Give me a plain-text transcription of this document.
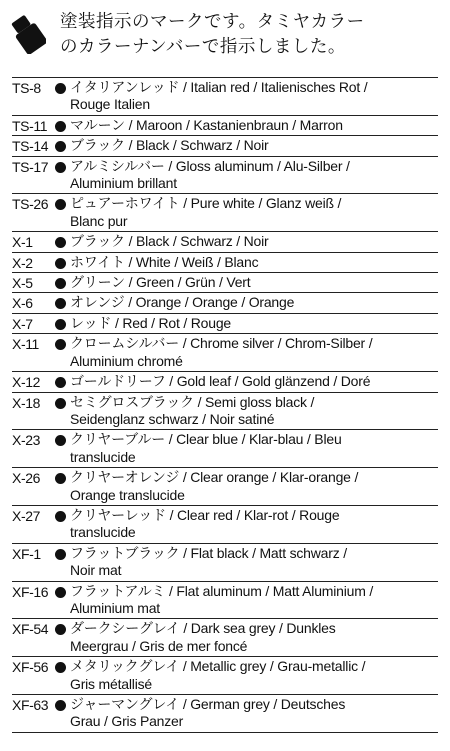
塗装指示のマークです。タミヤカラー
のカラーナンバーで指示しました。
TS-8	イタリアンレッド / Italian red / Italienisches Rot /
Rouge Italien
TS-11	マルーン / Maroon / Kastanienbraun / Marron
TS-14	ブラック / Black / Schwarz / Noir
TS-17	アルミシルバー / Gloss aluminum / Alu-Silber /
Aluminium brillant
TS-26	ピュアーホワイト / Pure white / Glanz weiß /
Blanc pur
X-1	ブラック / Black / Schwarz / Noir
X-2	ホワイト / White / Weiß / Blanc
X-5	グリーン / Green / Grün / Vert
X-6	オレンジ / Orange / Orange / Orange
X-7	レッド / Red / Rot / Rouge
X-11	クロームシルバー / Chrome silver / Chrom-Silber /
Aluminium chromé
X-12	ゴールドリーフ / Gold leaf / Gold glänzend / Doré
X-18	セミグロスブラック / Semi gloss black /
Seidenglanz schwarz / Noir satiné
X-23	クリヤーブルー / Clear blue / Klar-blau / Bleu
translucide
X-26	クリヤーオレンジ / Clear orange / Klar-orange /
Orange translucide
X-27	クリヤーレッド / Clear red / Klar-rot / Rouge
translucide
XF-1	フラットブラック / Flat black / Matt schwarz /
Noir mat
XF-16	フラットアルミ / Flat aluminum / Matt Aluminium /
Aluminium mat
XF-54	ダークシーグレイ / Dark sea grey / Dunkles
Meergrau / Gris de mer foncé
XF-56	メタリックグレイ / Metallic grey / Grau-metallic /
Gris métallisé
XF-63	ジャーマングレイ / German grey / Deutsches
Grau / Gris Panzer
